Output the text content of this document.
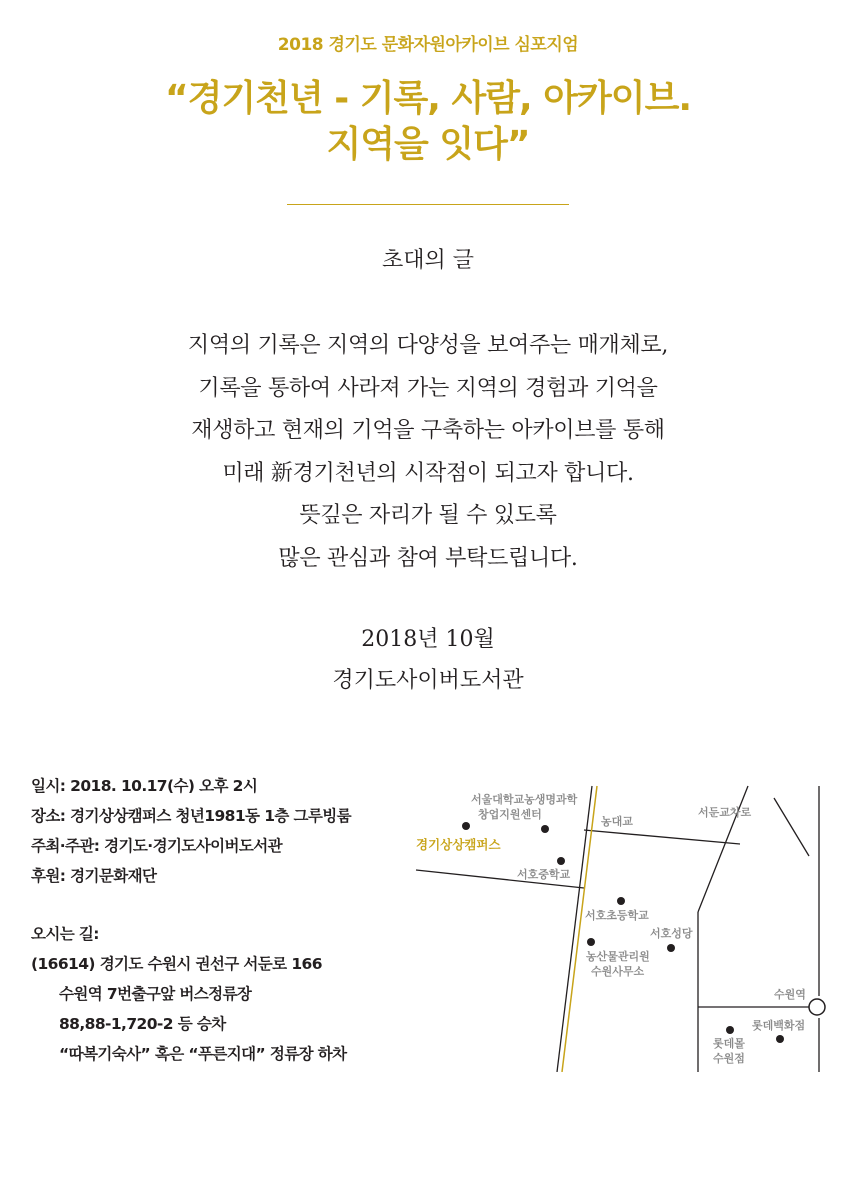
2018 경기도 문화자원아카이브 심포지엄
“경기천년 - 기록, 사람, 아카이브.
지역을 잇다”
초대의 글
지역의 기록은 지역의 다양성을 보여주는 매개체로,
기록을 통하여 사라져 가는 지역의 경험과 기억을
재생하고 현재의 기억을 구축하는 아카이브를 통해
미래 新경기천년의 시작점이 되고자 합니다.
뜻깊은 자리가 될 수 있도록
많은 관심과 참여 부탁드립니다.
2018년 10월
경기도사이버도서관
일시: 2018. 10.17(수) 오후 2시
장소: 경기상상캠퍼스 청년1981동 1층 그루빙룸
주최·주관: 경기도·경기도사이버도서관
후원: 경기문화재단
오시는 길:
(16614) 경기도 수원시 권선구 서둔로 166
수원역 7번출구앞 버스정류장
88,88-1,720-2 등 승차
“따복기숙사” 혹은 “푸른지대” 정류장 하차
서울대학교농생명과학
창업지원센터
농대교
서둔교차로
경기상상캠퍼스
서호중학교
서호초등학교
서호성당
농산물관리원
수원사무소
수원역
롯데백화점
롯데몰
수원점
